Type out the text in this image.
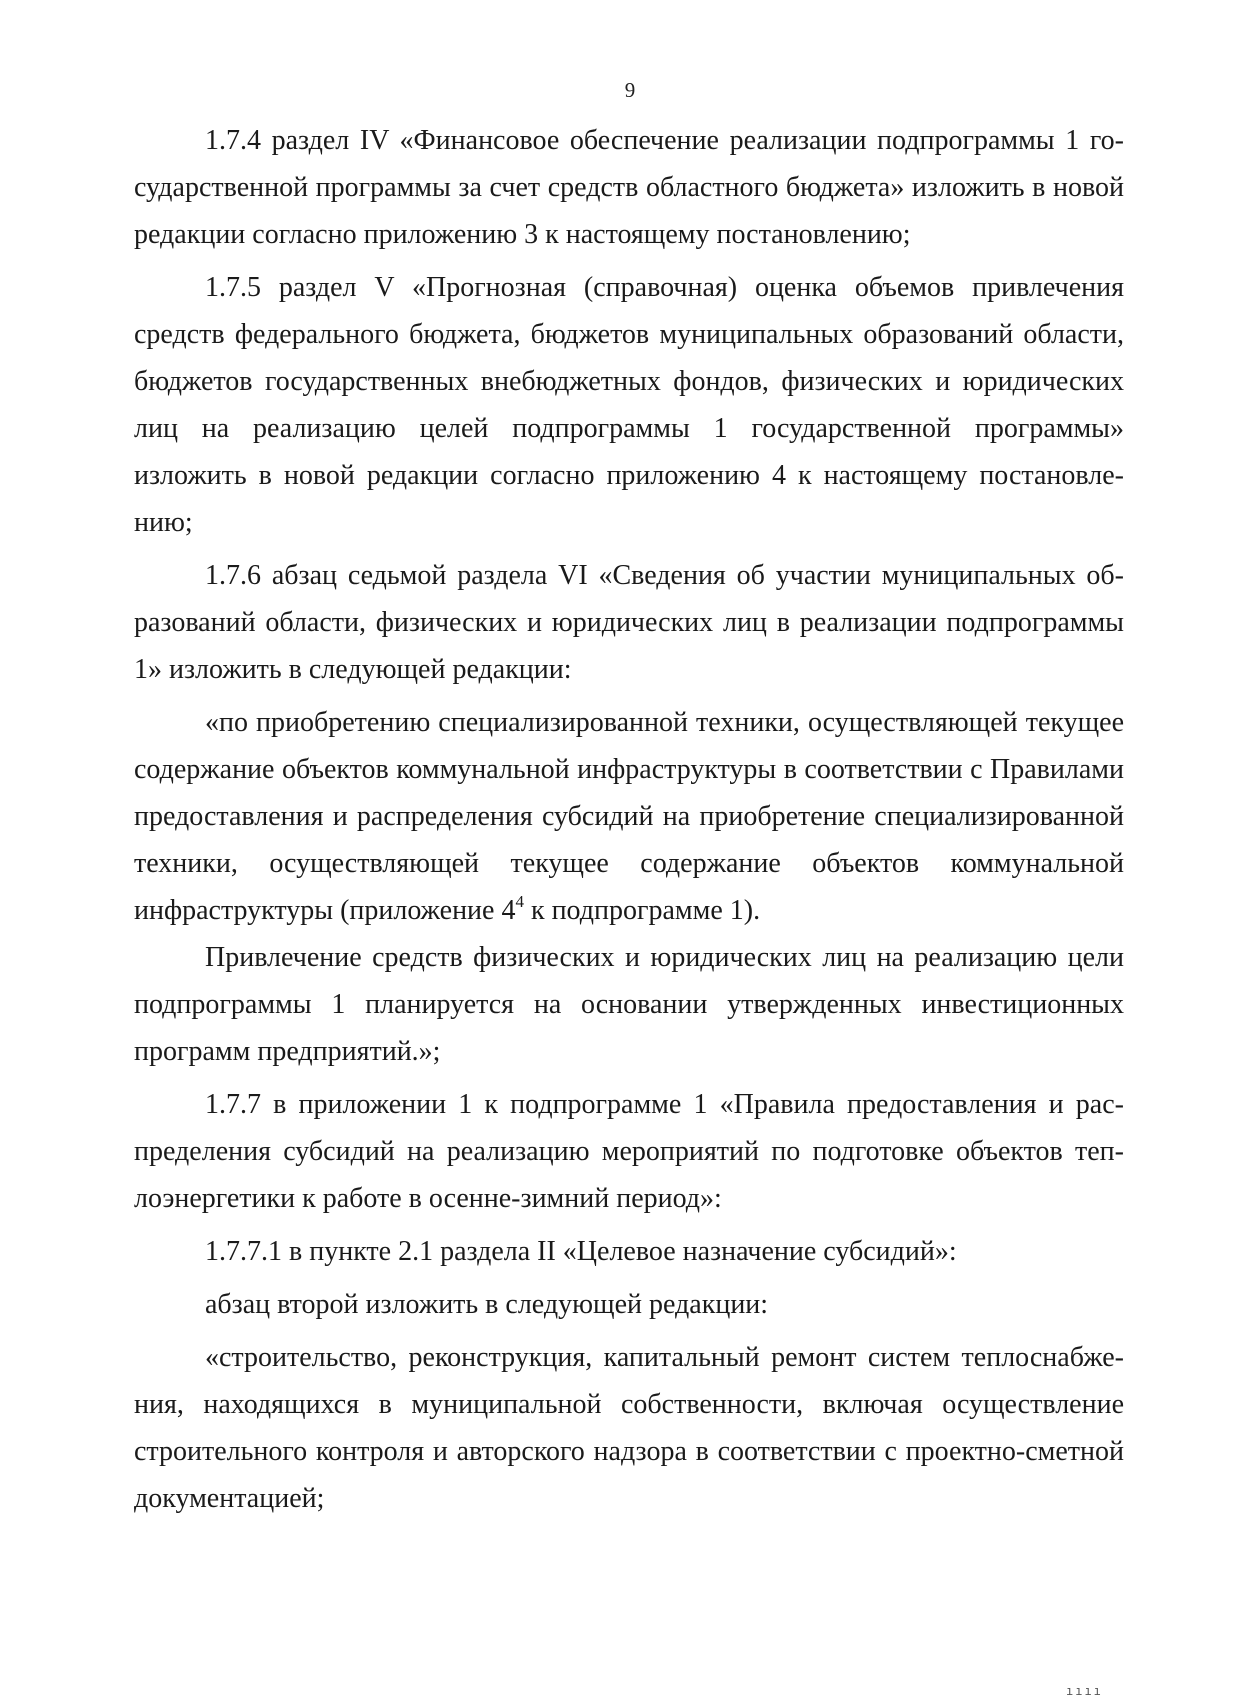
9

1.7.4 раздел IV «Финансовое обеспечение реализации подпрограммы 1 государственной программы за счет средств областного бюджета» изложить в новой редакции согласно приложению 3 к настоящему постановлению;

1.7.5 раздел V «Прогнозная (справочная) оценка объемов привлечения средств федерального бюджета, бюджетов муниципальных образований области, бюджетов государственных внебюджетных фондов, физических и юридических лиц на реализацию целей подпрограммы 1 государственной программы» изложить в новой редакции согласно приложению 4 к настоящему постановлению;

1.7.6 абзац седьмой раздела VI «Сведения об участии муниципальных образований области, физических и юридических лиц в реализации подпрограммы 1» изложить в следующей редакции:

«по приобретению специализированной техники, осуществляющей текущее содержание объектов коммунальной инфраструктуры в соответствии с Правилами предоставления и распределения субсидий на приобретение специализированной техники, осуществляющей текущее содержание объектов коммунальной инфраструктуры (приложение $4^4$ к подпрограмме 1).

Привлечение средств физических и юридических лиц на реализацию цели подпрограммы 1 планируется на основании утвержденных инвестиционных программ предприятий.»;

1.7.7 в приложении 1 к подпрограмме 1 «Правила предоставления и распределения субсидий на реализацию мероприятий по подготовке объектов теплоэнергетики к работе в осенне-зимний период»:

1.7.7.1 в пункте 2.1 раздела II «Целевое назначение субсидий»:

абзац второй изложить в следующей редакции:

«строительство, реконструкция, капитальный ремонт систем теплоснабжения, находящихся в муниципальной собственности, включая осуществление строительного контроля и авторского надзора в соответствии с проектно-сметной документацией;

ıııı
